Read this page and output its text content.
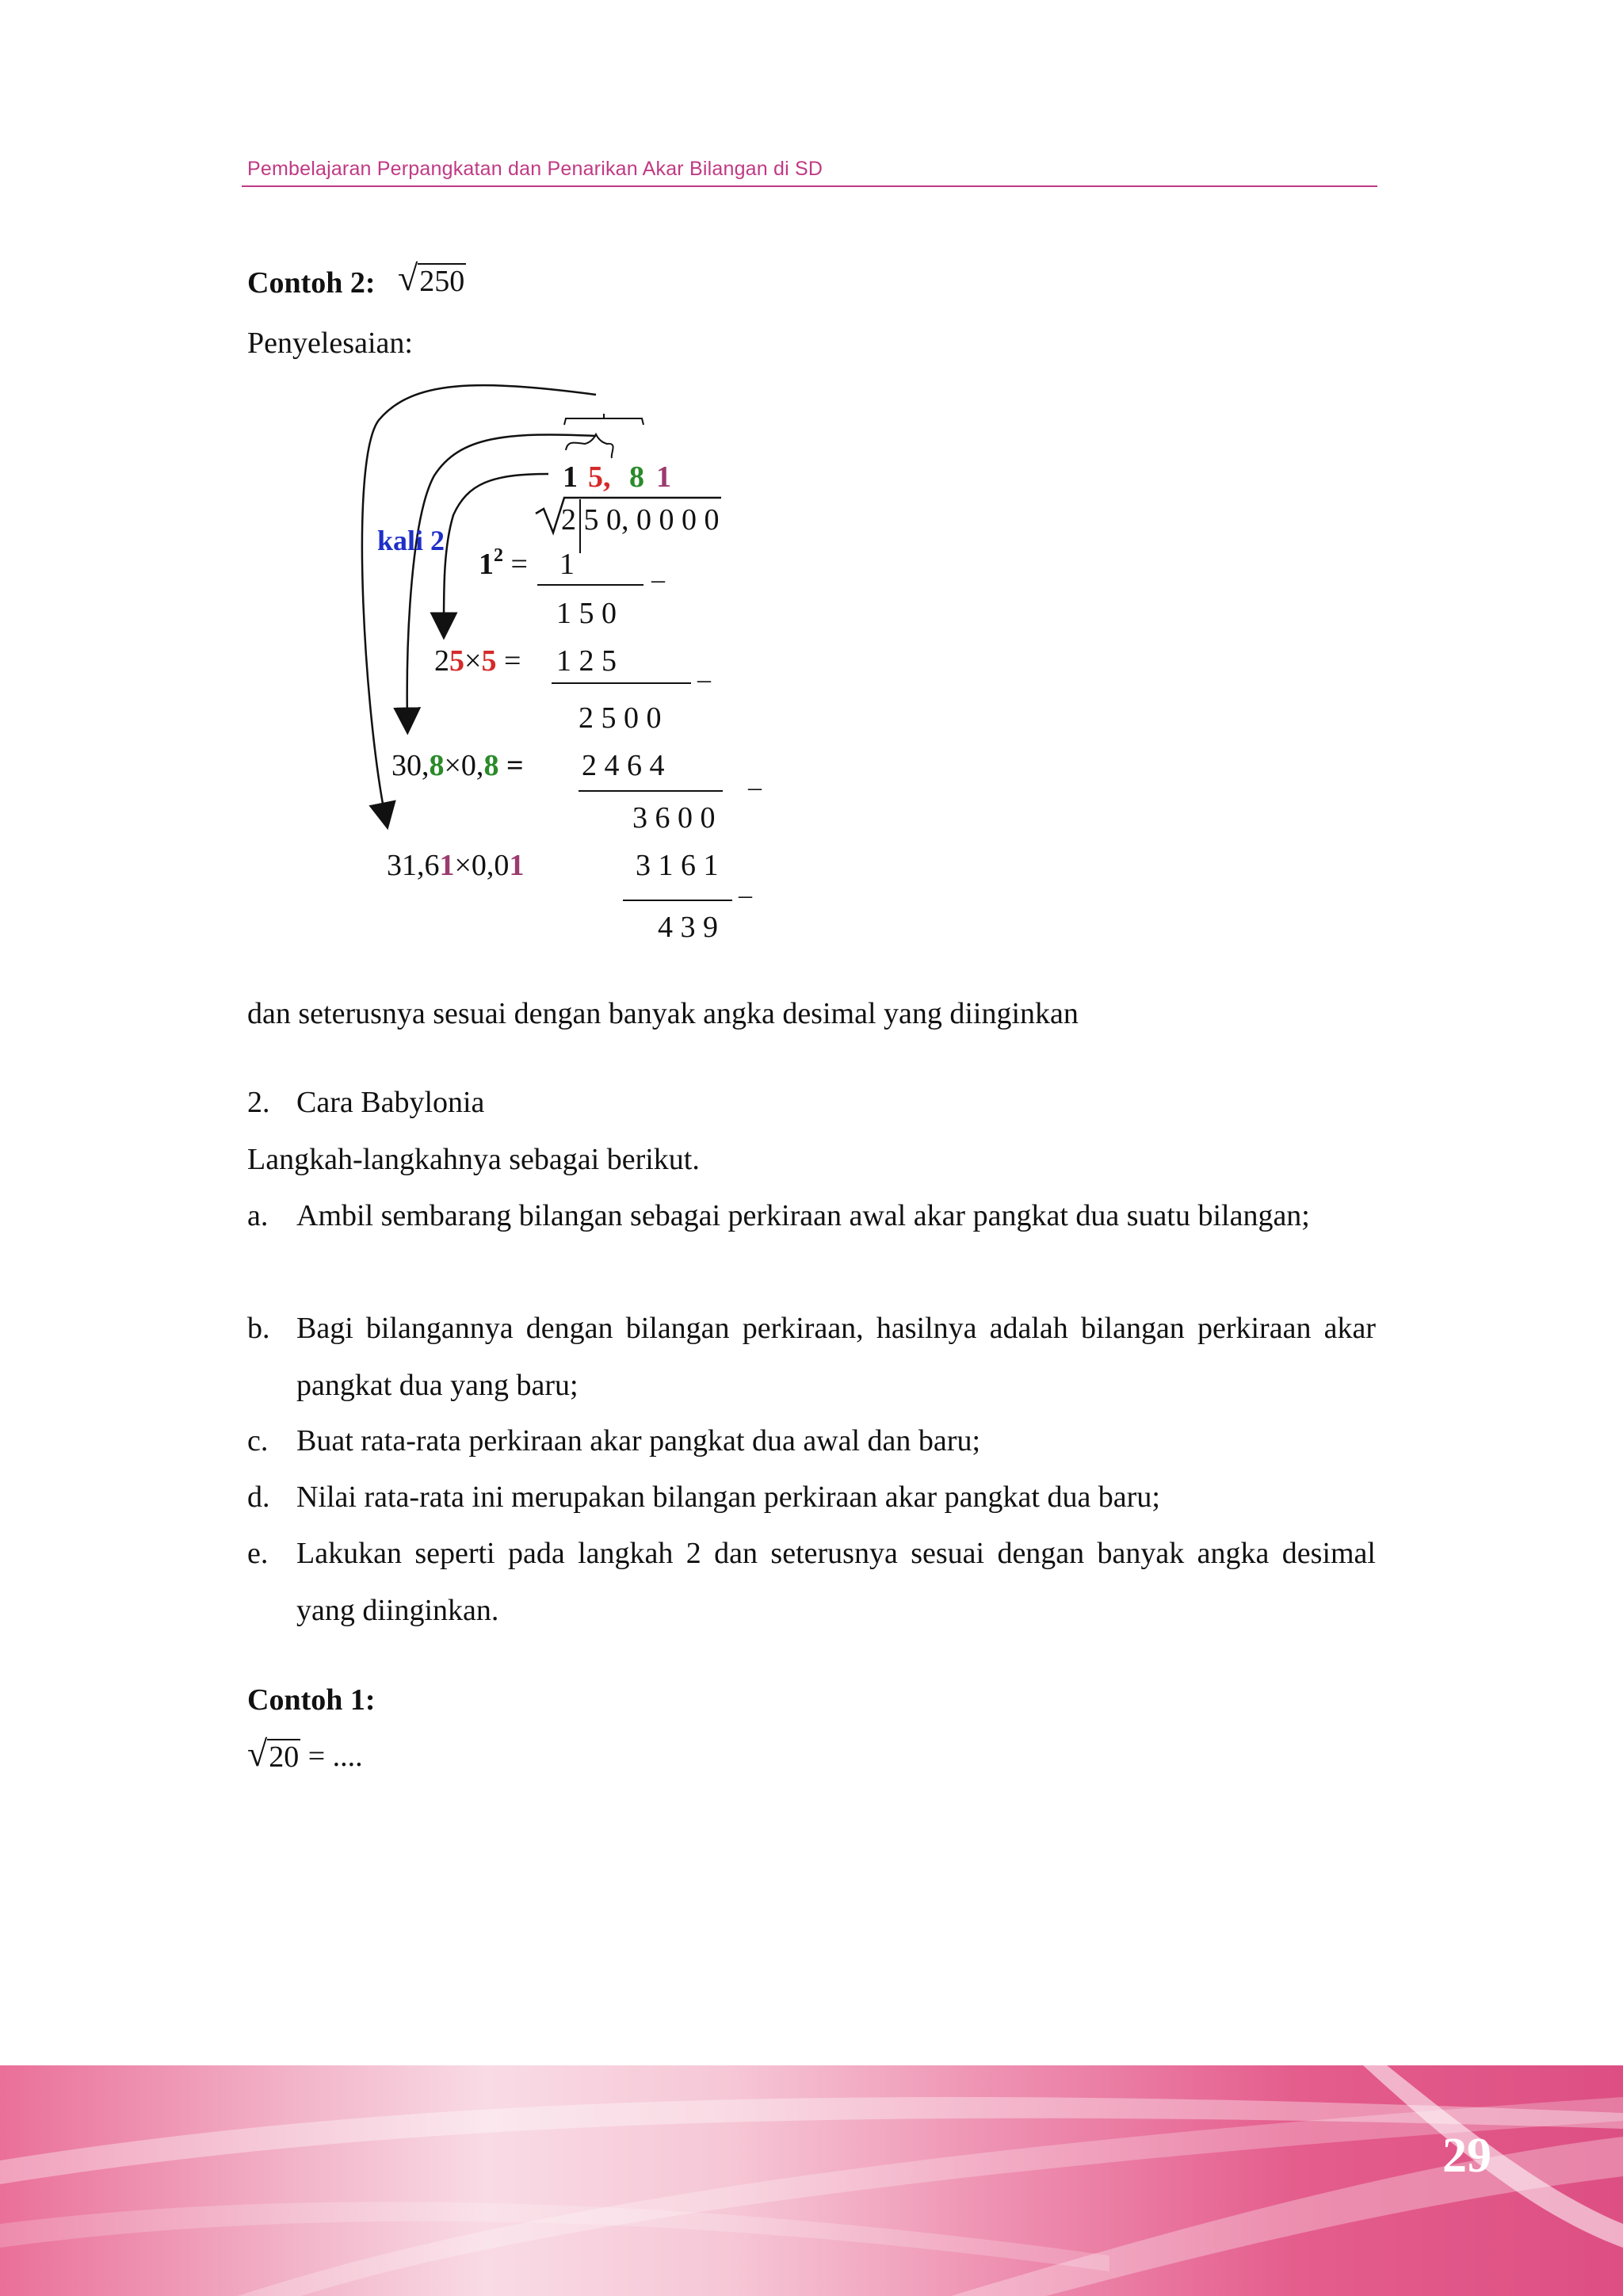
Pembelajaran Perpangkatan dan Penarikan Akar Bilangan di SD
Contoh 2: √ 250
Penyelesaian:
1 5, 8 1
2 5 0, 0 0 0 0
kali 2
$1^2 = 1$	–
1 5 0
25×5 = 1 2 5
–
2 5 0 0
30,8×0,8 = 2 4 6 4
–
3 6 0 0
31,61×0,01	3 1 6 1
–
4 3 9
dan seterusnya sesuai dengan banyak angka desimal yang diinginkan
2. Cara Babylonia
Langkah-langkahnya sebagai berikut.
a. Ambil sembarang bilangan sebagai perkiraan awal akar pangkat dua suatu bilangan;
b. Bagi bilangannya dengan bilangan perkiraan, hasilnya adalah bilangan perkiraan akar pangkat dua yang baru;
c. Buat rata-rata perkiraan akar pangkat dua awal dan baru;
d. Nilai rata-rata ini merupakan bilangan perkiraan akar pangkat dua baru;
e. Lakukan seperti pada langkah 2 dan seterusnya sesuai dengan banyak angka desimal yang diinginkan.
Contoh 1:
√ 20 = ....
29
